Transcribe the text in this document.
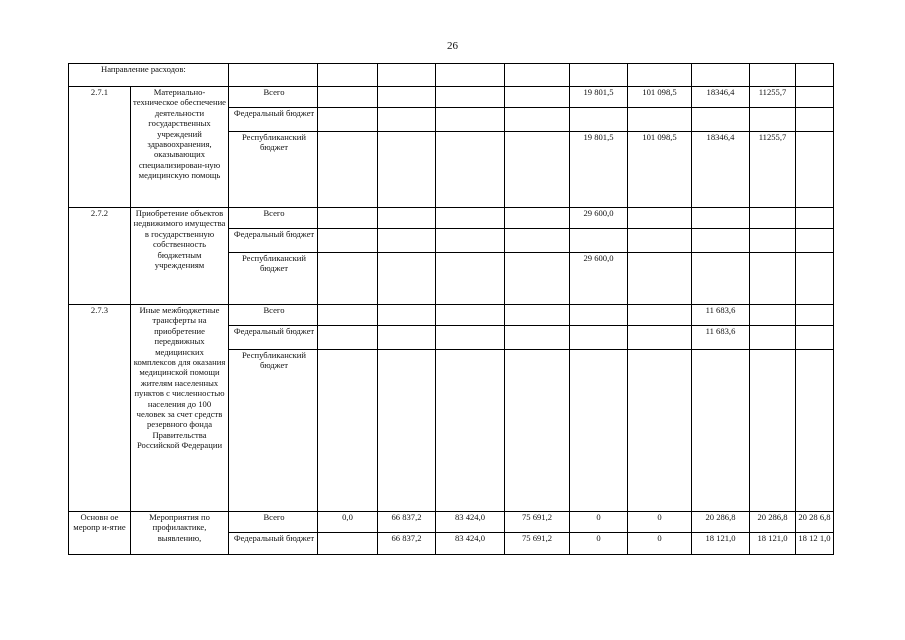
26
Направление расходов:												
2.7.1	Материально-техническое обеспечение деятельности государственных учреждений здравоохранения, оказывающих специализирован-ную медицинскую помощь	Всего					19 801,5	101 098,5	18346,4	11255,7		
		Федеральный бюджет										
		Республиканский бюджет					19 801,5	101 098,5	18346,4	11255,7		
2.7.2	Приобретение объектов недвижимого имущества в государственную собственность бюджетным учреждениям	Всего					29 600,0					
		Федеральный бюджет										
		Республиканский бюджет					29 600,0					
2.7.3	Иные межбюджетные трансферты на приобретение передвижных медицинских комплексов для оказания медицинской помощи жителям населенных пунктов с численностью населения до 100 человек за счет средств резервного фонда Правительства Российской Федерации	Всего							11 683,6			
		Федеральный бюджет							11 683,6			
		Республиканский бюджет										
Основн ое меропр и-ятие	Мероприятия по профилактике, выявлению,	Всего	0,0	66 837,2	83 424,0	75 691,2	0	0	20 286,8	20 286,8	20 28 6,8	
		Федеральный бюджет		66 837,2	83 424,0	75 691,2	0	0	18 121,0	18 121,0	18 12 1,0	
